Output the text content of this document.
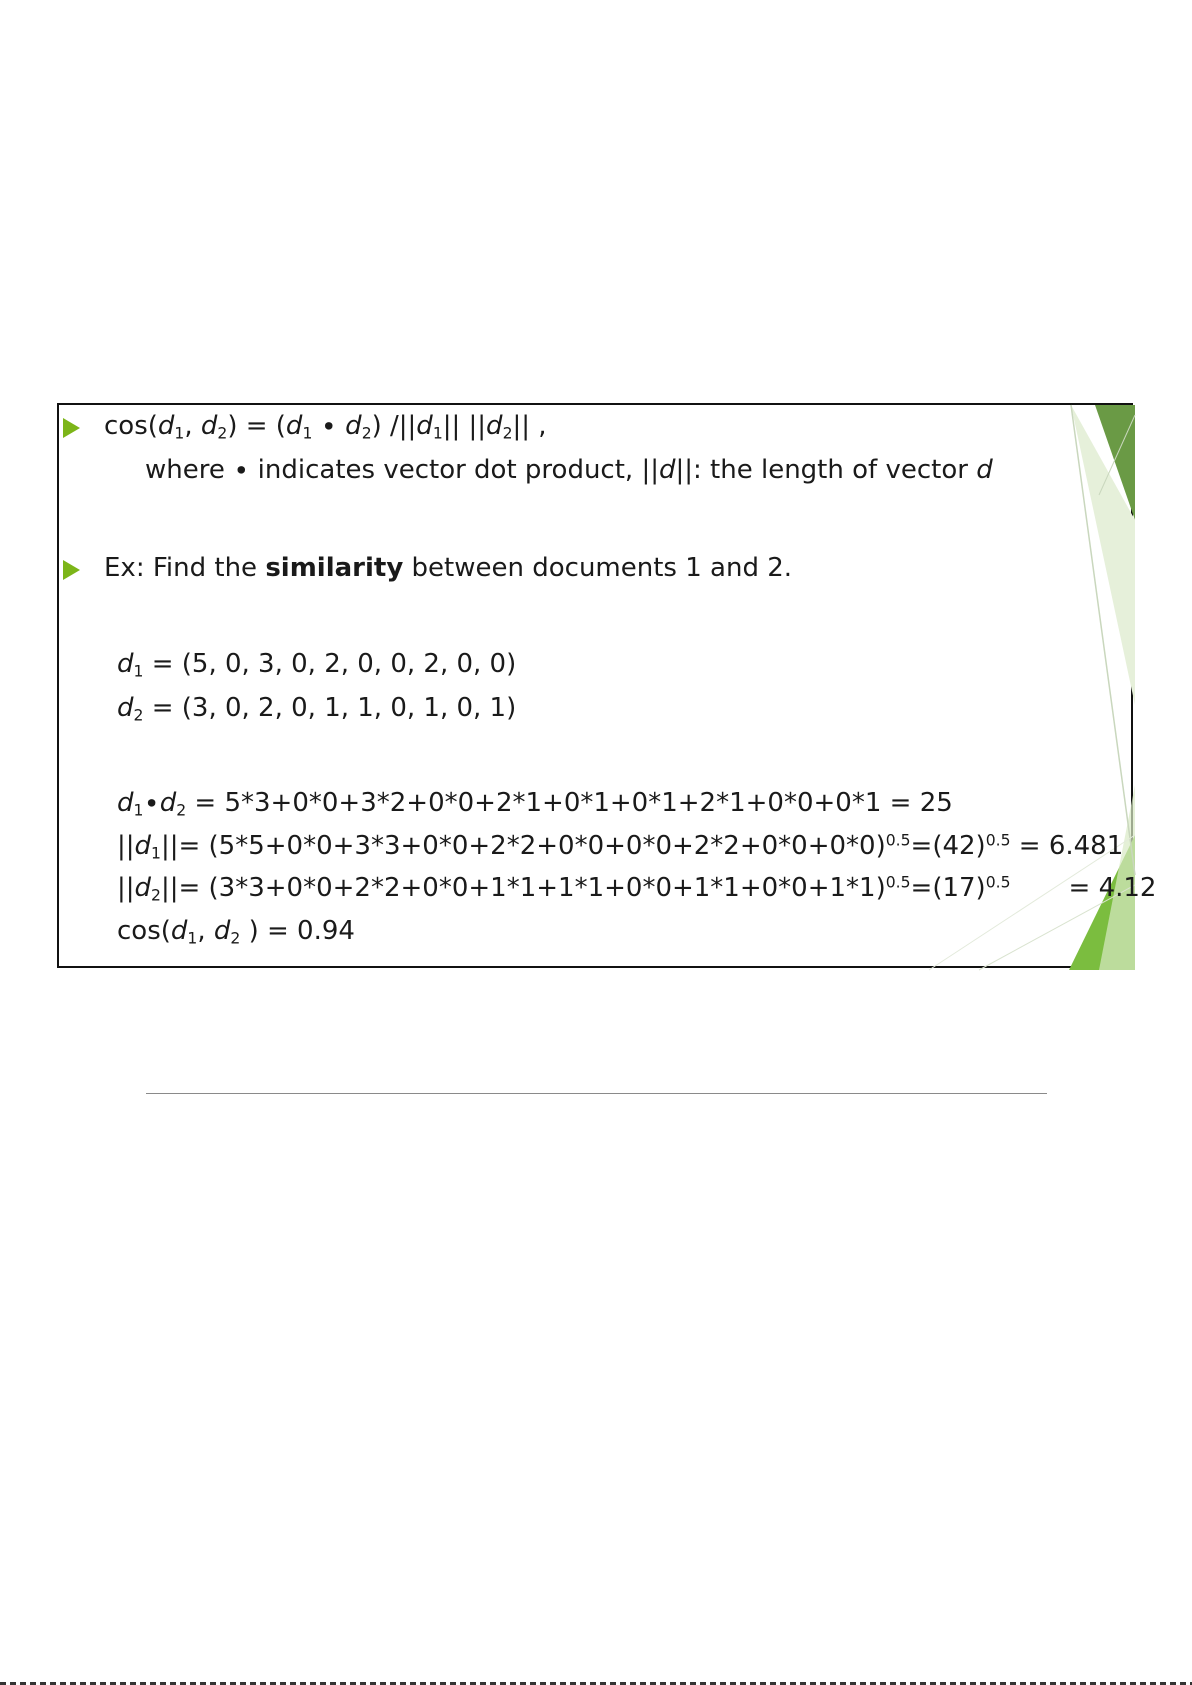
$\cos(d_1$, $d_2) = (d_1 \cdot d_2)$ $/||d_1||$ $||d_2||$ ,
where ∙ indicates vector dot product, ||d||: the length of vector d
Ex: Find the similarity between documents 1 and 2.
$d_1 = (5$, 0, 3, 0, 2, 0, 0, 2, 0, 0)
$d_2 = (3$, 0, 2, 0, 1, 1, 0, 1, 0, 1)
$d_1\cdot d_2 = 5*3+0*0+3*2+0*0+2*1+0*1+0*1+2*1+0*0+0*1 = 25$
$||d_1||= (5*5+0*0+3*3+0*0+2*2+0*0+0*0+2*2+0*0+0*0)^{0.5}=(42)^{0.5} = 6.481$
$||d_2||= (3*3+0*0+2*2+0*0+1*1+1*1+0*0+1*1+0*0+1*1)^{0.5}=(17)^{0.5} = 4.12$
$\cos(d_1$, $d_2$ ) = 0.94
